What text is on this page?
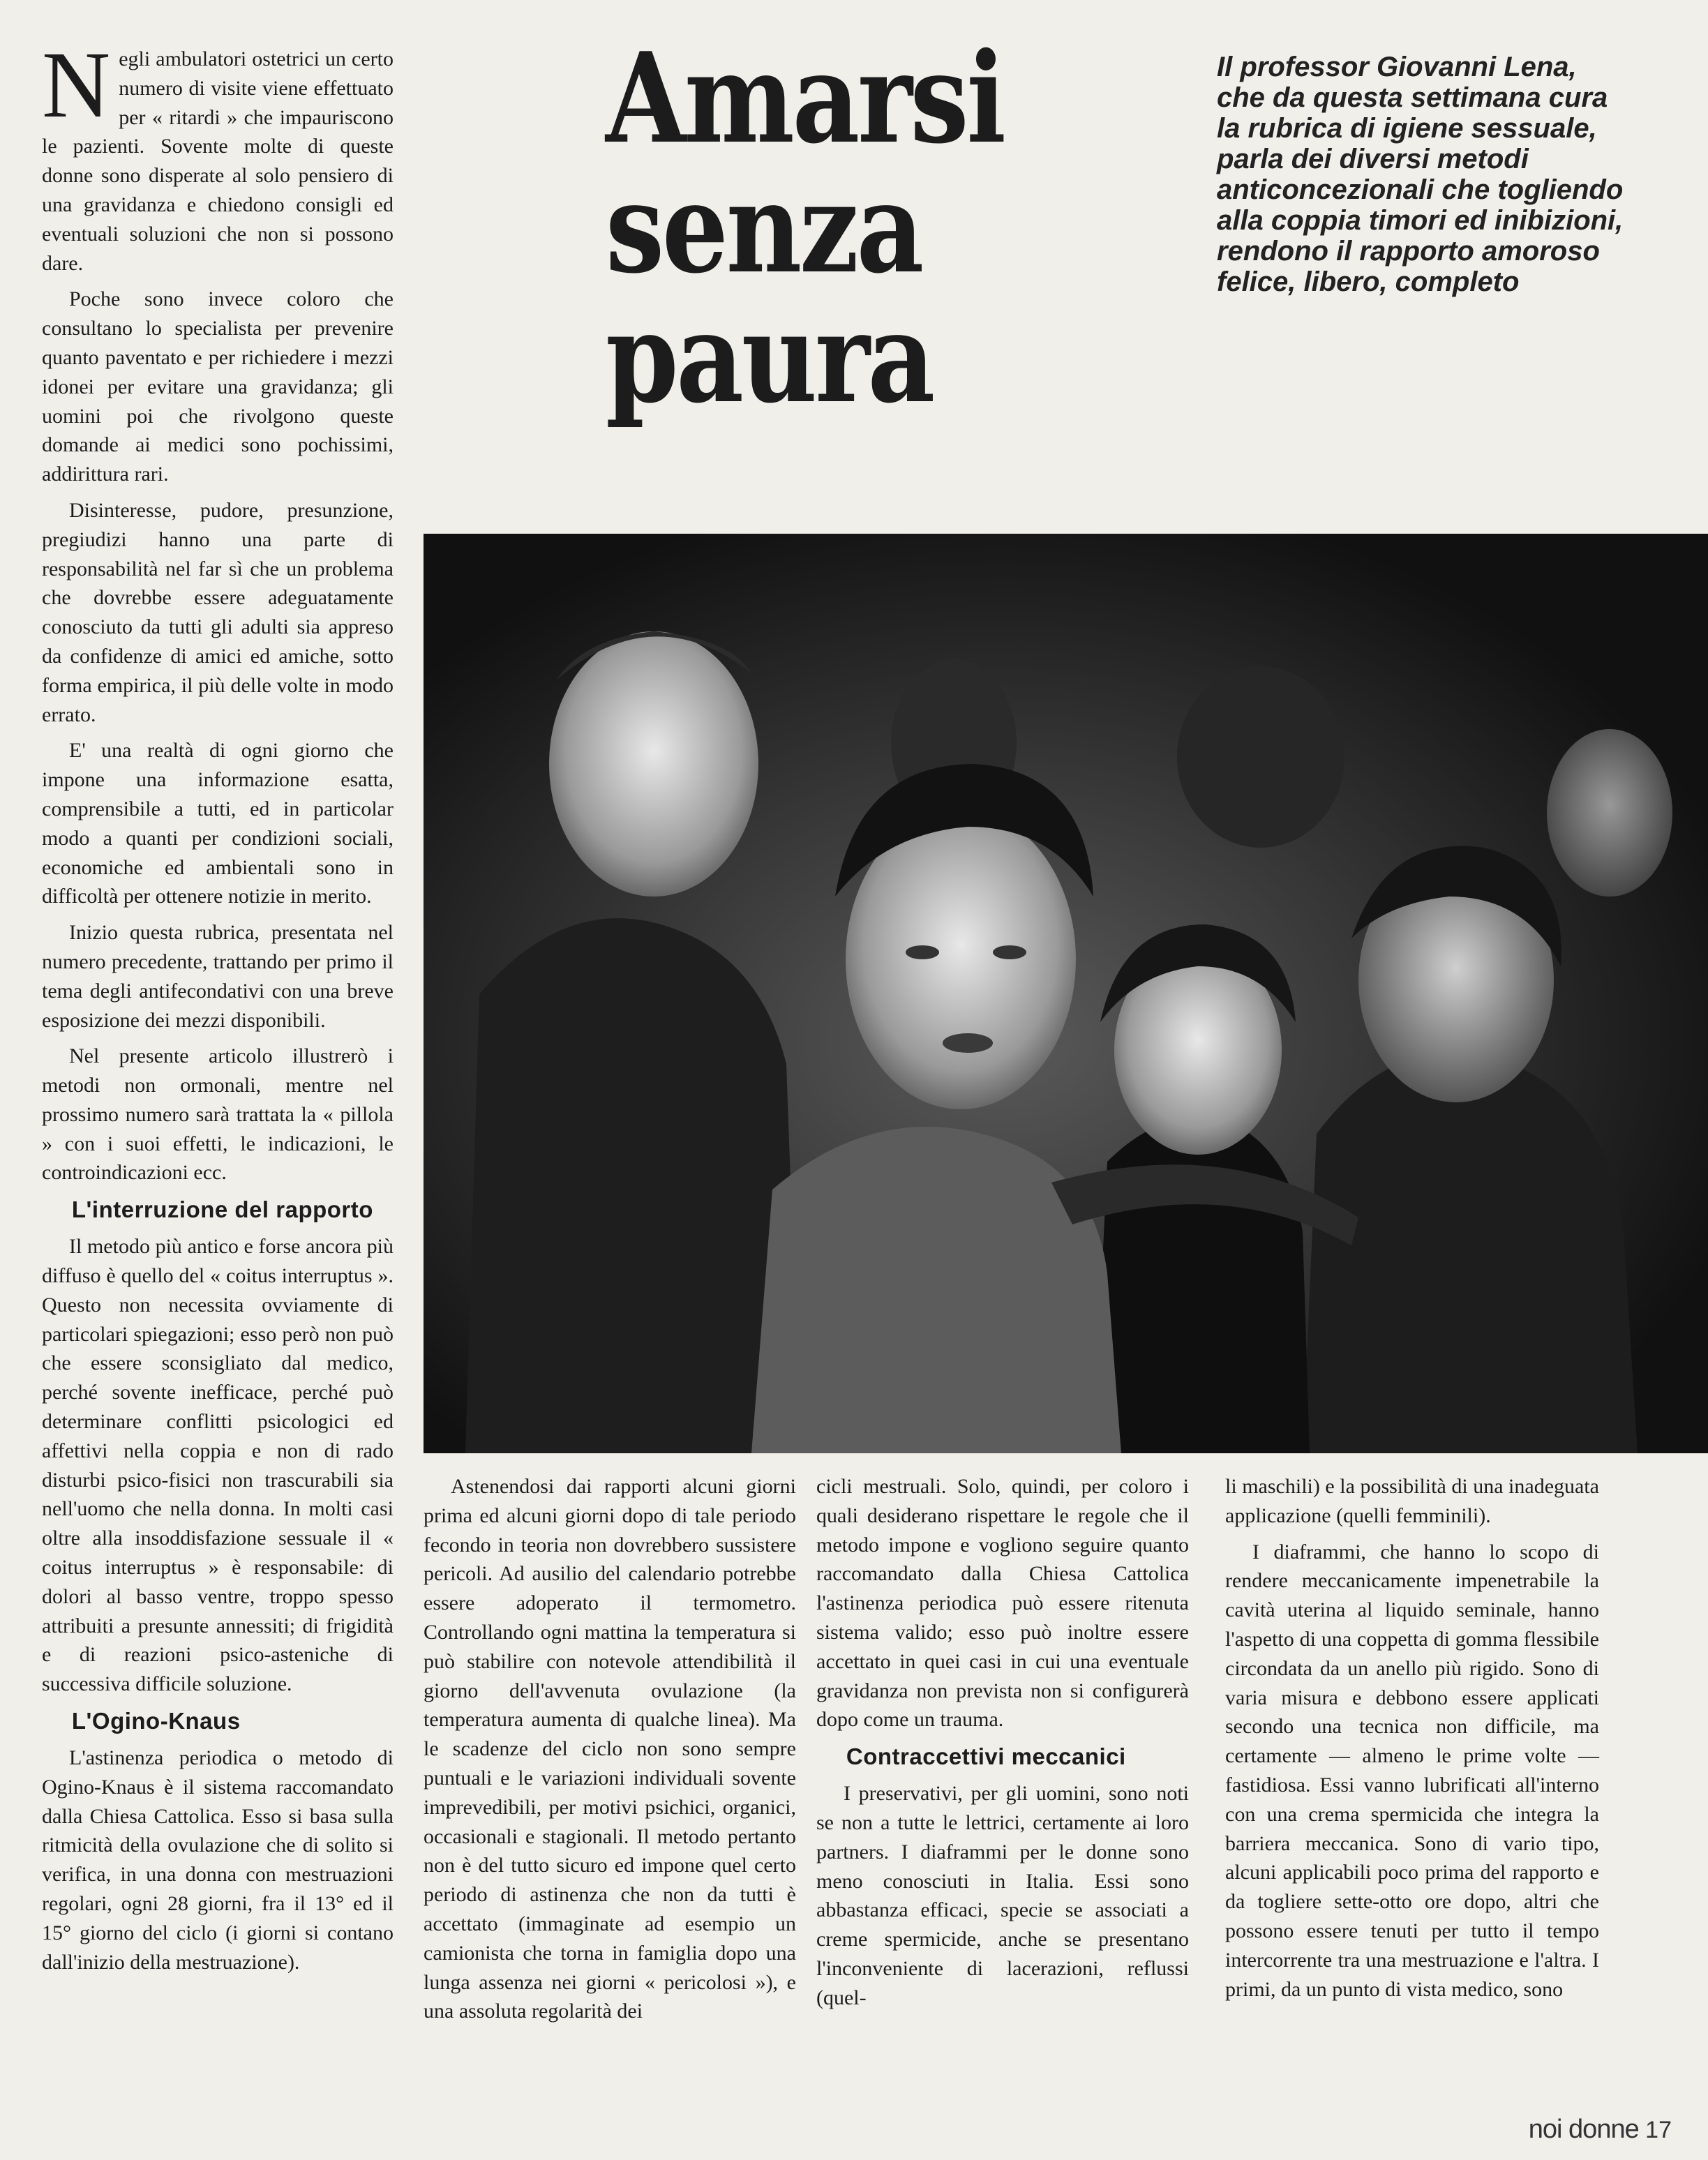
Negli ambulatori ostetrici un certo numero di visite viene effettuato per « ritardi » che impauriscono le pazienti. Sovente molte di queste donne sono disperate al solo pensiero di una gravidanza e chiedono consigli ed eventuali soluzioni che non si possono dare.

Poche sono invece coloro che consultano lo specialista per prevenire quanto paventato e per richiedere i mezzi idonei per evitare una gravidanza; gli uomini poi che rivolgono queste domande ai medici sono pochissimi, addirittura rari.

Disinteresse, pudore, presunzione, pregiudizi hanno una parte di responsabilità nel far sì che un problema che dovrebbe essere adeguatamente conosciuto da tutti gli adulti sia appreso da confidenze di amici ed amiche, sotto forma empirica, il più delle volte in modo errato.

E' una realtà di ogni giorno che impone una informazione esatta, comprensibile a tutti, ed in particolar modo a quanti per condizioni sociali, economiche ed ambientali sono in difficoltà per ottenere notizie in merito.

Inizio questa rubrica, presentata nel numero precedente, trattando per primo il tema degli antifecondativi con una breve esposizione dei mezzi disponibili.

Nel presente articolo illustrerò i metodi non ormonali, mentre nel prossimo numero sarà trattata la « pillola » con i suoi effetti, le indicazioni, le controindicazioni ecc.

L'interruzione del rapporto

Il metodo più antico e forse ancora più diffuso è quello del « coitus interruptus ». Questo non necessita ovviamente di particolari spiegazioni; esso però non può che essere sconsigliato dal medico, perché sovente inefficace, perché può determinare conflitti psicologici ed affettivi nella coppia e non di rado disturbi psico-fisici non trascurabili sia nell'uomo che nella donna. In molti casi oltre alla insoddisfazione sessuale il « coitus interruptus » è responsabile: di dolori al basso ventre, troppo spesso attribuiti a presunte annessiti; di frigidità e di reazioni psico-asteniche di successiva difficile soluzione.

L'Ogino-Knaus

L'astinenza periodica o metodo di Ogino-Knaus è il sistema raccomandato dalla Chiesa Cattolica. Esso si basa sulla ritmicità della ovulazione che di solito si verifica, in una donna con mestruazioni regolari, ogni 28 giorni, fra il 13° ed il 15° giorno del ciclo (i giorni si contano dall'inizio della mestruazione).

Amarsi

senza

paura

Il professor Giovanni Lena, che da questa settimana cura la rubrica di igiene sessuale, parla dei diversi metodi anticoncezionali che togliendo alla coppia timori ed inibizioni, rendono il rapporto amoroso felice, libero, completo

Astenendosi dai rapporti alcuni giorni prima ed alcuni giorni dopo di tale periodo fecondo in teoria non dovrebbero sussistere pericoli. Ad ausilio del calendario potrebbe essere adoperato il termometro. Controllando ogni mattina la temperatura si può stabilire con notevole attendibilità il giorno dell'avvenuta ovulazione (la temperatura aumenta di qualche linea). Ma le scadenze del ciclo non sono sempre puntuali e le variazioni individuali sovente imprevedibili, per motivi psichici, organici, occasionali e stagionali. Il metodo pertanto non è del tutto sicuro ed impone quel certo periodo di astinenza che non da tutti è accettato (immaginate ad esempio un camionista che torna in famiglia dopo una lunga assenza nei giorni « pericolosi »), e una assoluta regolarità dei

cicli mestruali. Solo, quindi, per coloro i quali desiderano rispettare le regole che il metodo impone e vogliono seguire quanto raccomandato dalla Chiesa Cattolica l'astinenza periodica può essere ritenuta sistema valido; esso può inoltre essere accettato in quei casi in cui una eventuale gravidanza non prevista non si configurerà dopo come un trauma.

Contraccettivi meccanici

I preservativi, per gli uomini, sono noti se non a tutte le lettrici, certamente ai loro partners. I diaframmi per le donne sono meno conosciuti in Italia. Essi sono abbastanza efficaci, specie se associati a creme spermicide, anche se presentano l'inconveniente di lacerazioni, reflussi (quel-

li maschili) e la possibilità di una inadeguata applicazione (quelli femminili).

I diaframmi, che hanno lo scopo di rendere meccanicamente impenetrabile la cavità uterina al liquido seminale, hanno l'aspetto di una coppetta di gomma flessibile circondata da un anello più rigido. Sono di varia misura e debbono essere applicati secondo una tecnica non difficile, ma certamente — almeno le prime volte — fastidiosa. Essi vanno lubrificati all'interno con una crema spermicida che integra la barriera meccanica. Sono di vario tipo, alcuni applicabili poco prima del rapporto e da togliere sette-otto ore dopo, altri che possono essere tenuti per tutto il tempo intercorrente tra una mestruazione e l'altra. I primi, da un punto di vista medico, sono

noi donne 17
